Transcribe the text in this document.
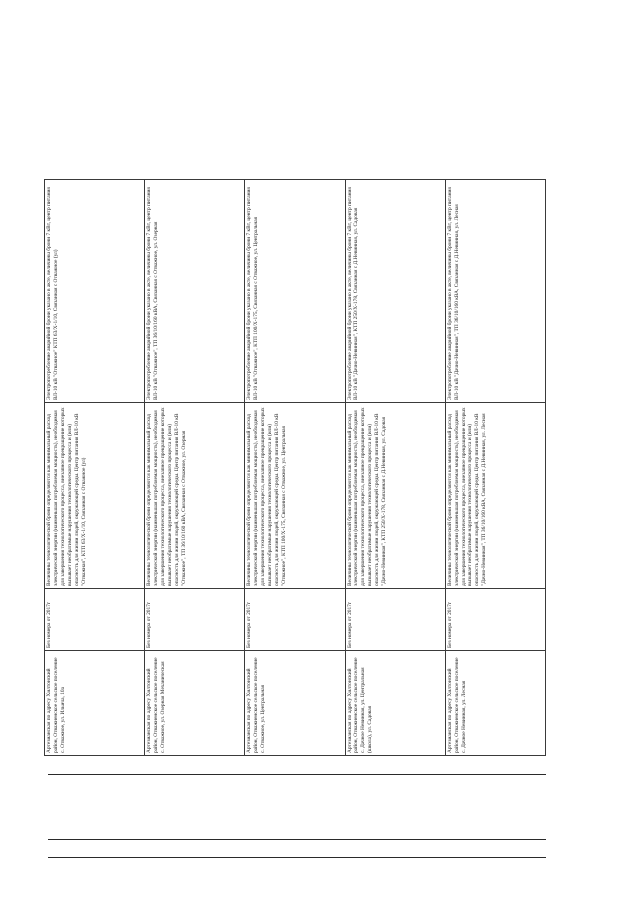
Артезианская по адресу Хилтонский район, Отважненское сельское поселение с. Отважное, ул. Ильича, 10а	Без номера от 2017г	Величины технологической брони определяются как минимальный расход электрической энергии (наименьшая потребляемая мощность), необходимая для завершения технологического процесса, внезапное прекращение которых вызывает необратимые нарушения технологического процесса и (или) опасность для жизни людей, окружающей среды. Центр питания ВЛ-10 кВ "Отважная", КТП 63/Х-1/10, Связанная с Отважное (ул)	Электропотребление аварийной брони указано в акте, величины брони 7 кВт, центр питания ВЛ-10 кВ "Отважное" КТП 63/Х-1/10, Связанная с Отважное (ул)
Артезианская по адресу Хилтонский район, Отважненское сельское поселение с. Отважное, ул. Озерная Механическая	Без номера от 2017г	Величины технологической брони определяются как минимальный расход электрической энергии (наименьшая потребляемая мощность), необходимая для завершения технологического процесса, внезапное прекращение которых вызывает необратимые нарушения технологического процесса и (или) опасность для жизни людей, окружающей среды. Центр питания ВЛ-10 кВ "Отважное", ТП 36/10/160 кВА, Связанная с Отважное, ул. Озерная	Электропотребление аварийной брони указано в акте, величины брони 7 кВт, центр питания ВЛ-10 кВ "Отважное", ТП 36/10/160 кВА, Связанная с Отважное, ул. Озерная
Артезианская по адресу Хилтонский район, Отважненское сельское поселение с. Отважное, ул. Центральная	Без номера от 2017г	Величины технологической брони определяются как минимальный расход электрической энергии (наименьшая потребляемая мощность), необходимая для завершения технологического процесса, внезапное прекращение которых вызывает необратимые нарушения технологического процесса и (или) опасность для жизни людей, окружающей среды. Центр питания ВЛ-10 кВ "Отважное", КТП 100/Х-175, Связанная с Отважное, ул. Центральная	Электропотребление аварийной брони указано в акте, величины брони 7 кВт, центр питания ВЛ-10 кВ "Отважное", КТП 100/Х-175, Связанная с Отважное, ул. Центральная
Артезианская по адресу Хилтонский район, Отважненское сельское поселение с. Дачное Невинная, ул. Центральная (школа), ул. Садовая	Без номера от 2017г	Величины технологической брони определяются как минимальный расход электрической энергии (наименьшая потребляемая мощность), необходимая для завершения технологического процесса, внезапное прекращение которых вызывает необратимые нарушения технологического процесса и (или) опасность для жизни людей, окружающей среды. Центр питания ВЛ-10 кВ "Дачно-Невинная", КТП 250/Х-178, Связанная с Д.Невинная, ул. Садовая	Электропотребление аварийной брони указано в акте, величины брони 7 кВт, центр питания ВЛ-10 кВ "Дачно-Невинная", КТП 250/Х-178, Связанная с Д.Невинная, ул. Садовая
Артезианская по адресу Хилтонский район, Отважненское сельское поселение с. Дачное Невинная, ул. Лесная	Без номера от 2017г	Величины технологической брони определяются как минимальный расход электрической энергии (наименьшая потребляемая мощность), необходимая для завершения технологического процесса, внезапное прекращение которых вызывает необратимые нарушения технологического процесса и (или) опасность для жизни людей, окружающей среды. Центр питания ВЛ-10 кВ "Дачно-Невинная", ТП 36/10/160 кВА, Связанная с Д.Невинная, ул. Лесная	Электропотребление аварийной брони указано в акте, величины брони 7 кВт, центр питания ВЛ-10 кВ "Дачно-Невинная", ТП 36/10/160 кВА, Связанная с Д.Невинная, ул. Лесная
